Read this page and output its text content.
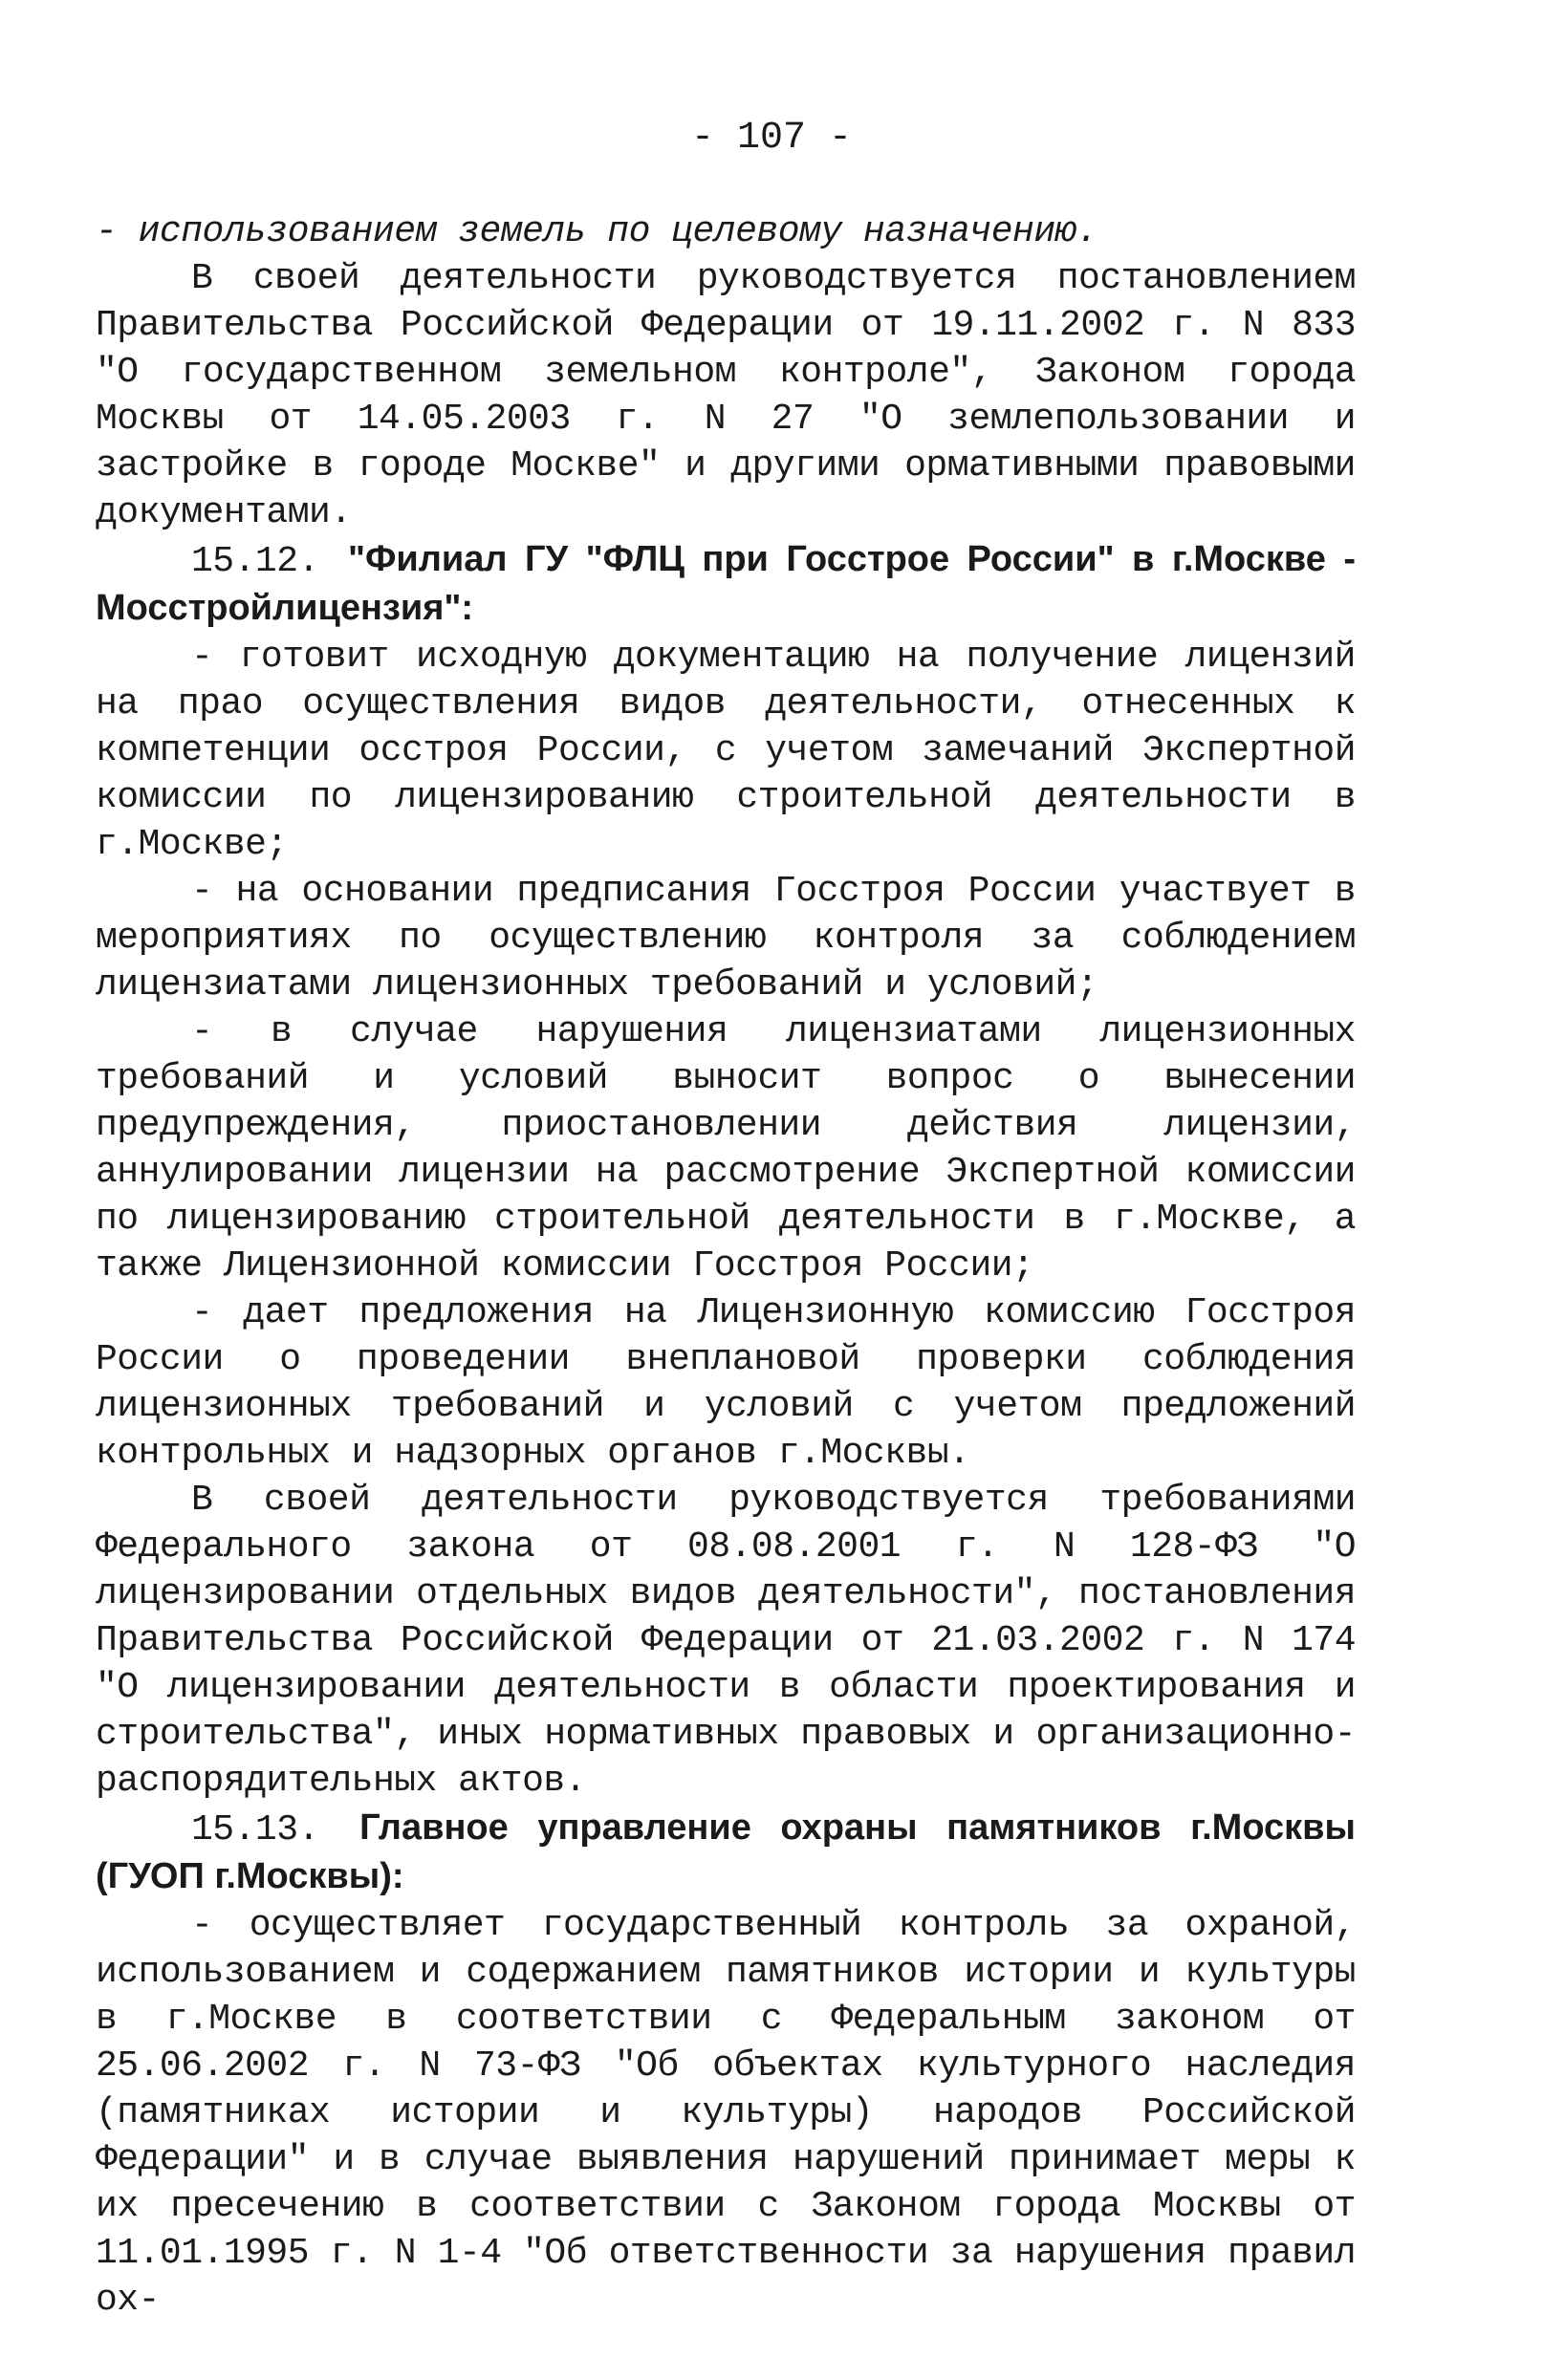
- 107 -

- использованием земель по целевому назначению.

В своей деятельности руководствуется постановлением Правительства Российской Федерации от 19.11.2002 г. N 833 "О государственном земельном контроле", Законом города Москвы от 14.05.2003 г. N 27 "О землепользовании и застройке в городе Москве" и другими ормативными правовыми документами.

15.12. "Филиал ГУ "ФЛЦ при Госстрое России" в г.Москве - Мосстройлицензия":

- готовит исходную документацию на получение лицензий на прао осуществления видов деятельности, отнесенных к компетенции осстроя России, с учетом замечаний Экспертной комиссии по лицензированию строительной деятельности в г.Москве;

- на основании предписания Госстроя России участвует в мероприятиях по осуществлению контроля за соблюдением лицензиатами лицензионных требований и условий;

- в случае нарушения лицензиатами лицензионных требований и условий выносит вопрос о вынесении предупреждения, приостановлении действия лицензии, аннулировании лицензии на рассмотрение Экспертной комиссии по лицензированию строительной деятельности в г.Москве, а также Лицензионной комиссии Госстроя России;

- дает предложения на Лицензионную комиссию Госстроя России о проведении внеплановой проверки соблюдения лицензионных требований и условий с учетом предложений контрольных и надзорных органов г.Москвы.

В своей деятельности руководствуется требованиями Федерального закона от 08.08.2001 г. N 128-ФЗ "О лицензировании отдельных видов деятельности", постановления Правительства Российской Федерации от 21.03.2002 г. N 174 "О лицензировании деятельности в области проектирования и строительства", иных нормативных правовых и организационно-распорядительных актов.

15.13. Главное управление охраны памятников г.Москвы (ГУОП г.Москвы):

- осуществляет государственный контроль за охраной, использованием и содержанием памятников истории и культуры в г.Москве в соответствии с Федеральным законом от 25.06.2002 г. N 73-ФЗ "Об объектах культурного наследия (памятниках истории и культуры) народов Российской Федерации" и в случае выявления нарушений принимает меры к их пресечению в соответствии с Законом города Москвы от 11.01.1995 г. N 1-4 "Об ответственности за нарушения правил ох-
